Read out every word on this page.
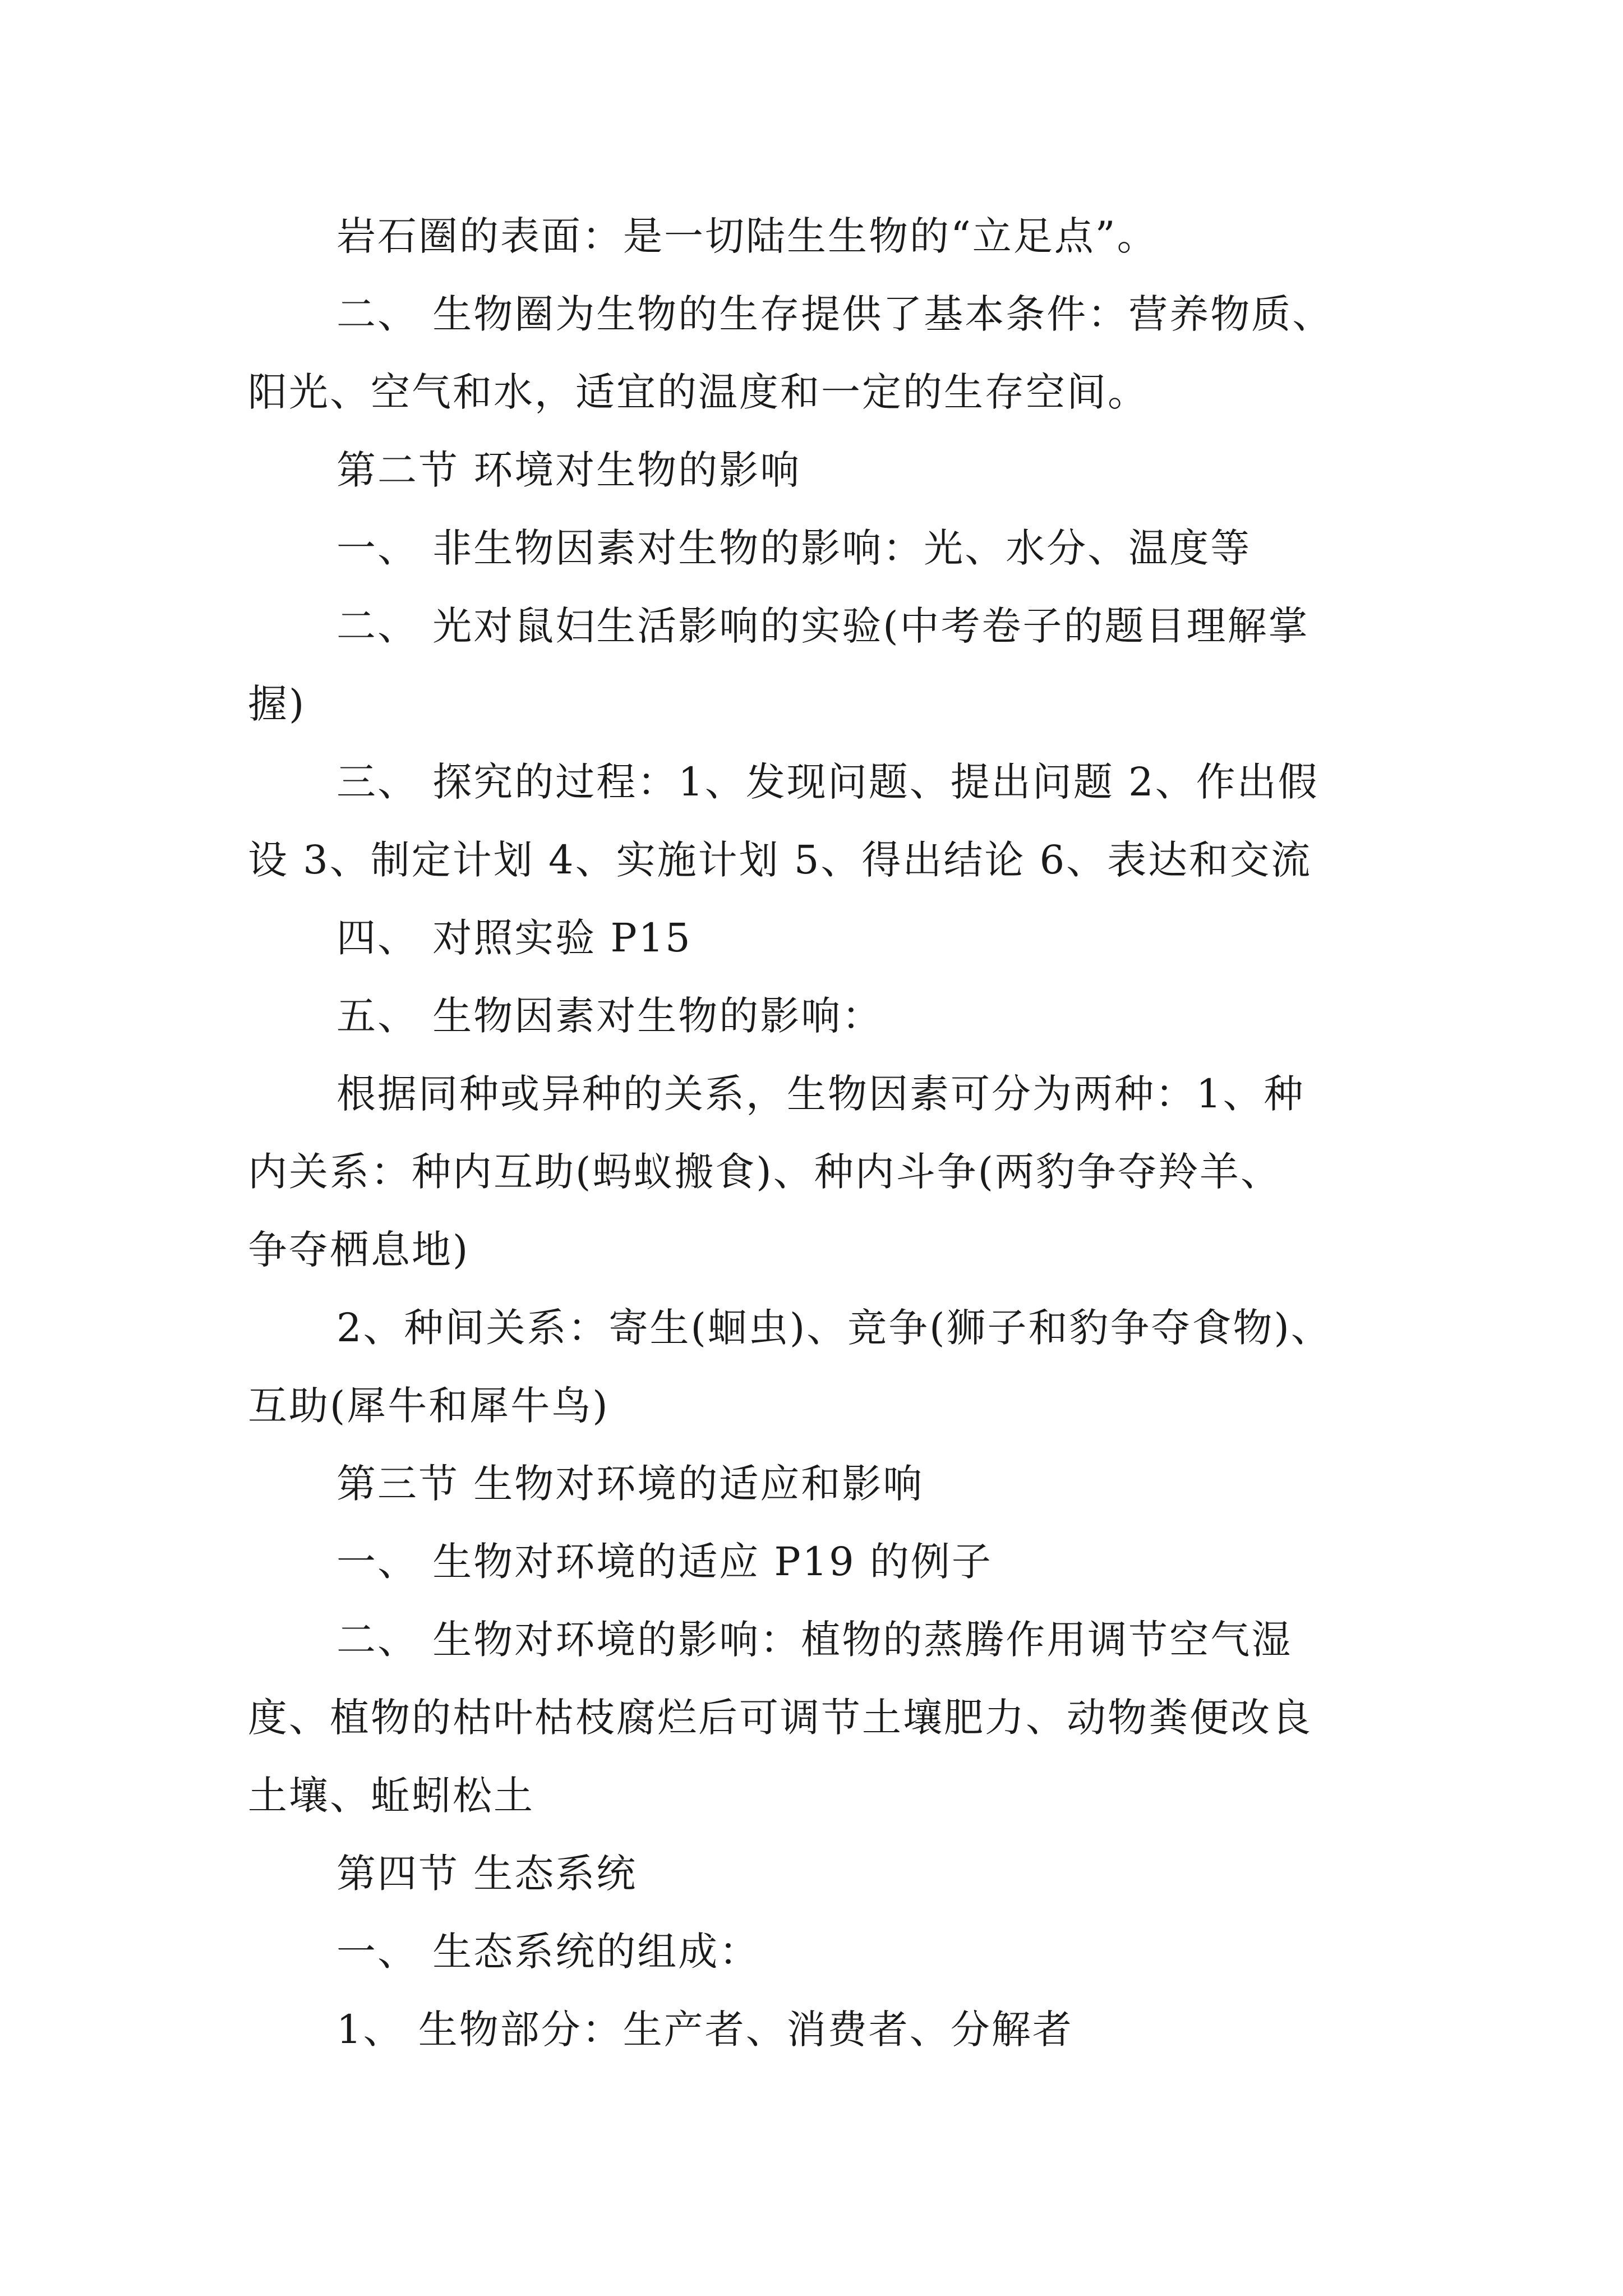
岩石圈的表面：是一切陆生生物的“立足点”。
二、 生物圈为生物的生存提供了基本条件：营养物质、
阳光、空气和水，适宜的温度和一定的生存空间。
第二节 环境对生物的影响
一、 非生物因素对生物的影响：光、水分、温度等
二、 光对鼠妇生活影响的实验(中考卷子的题目理解掌
握)
三、 探究的过程：1、发现问题、提出问题 2、作出假
设 3、制定计划 4、实施计划 5、得出结论 6、表达和交流
四、 对照实验 P15
五、 生物因素对生物的影响：
根据同种或异种的关系，生物因素可分为两种：1、种
内关系：种内互助(蚂蚁搬食)、种内斗争(两豹争夺羚羊、
争夺栖息地)
2、种间关系：寄生(蛔虫)、竞争(狮子和豹争夺食物)、
互助(犀牛和犀牛鸟)
第三节 生物对环境的适应和影响
一、 生物对环境的适应 P19 的例子
二、 生物对环境的影响：植物的蒸腾作用调节空气湿
度、植物的枯叶枯枝腐烂后可调节土壤肥力、动物粪便改良
土壤、蚯蚓松土
第四节 生态系统
一、 生态系统的组成：
1、 生物部分：生产者、消费者、分解者
